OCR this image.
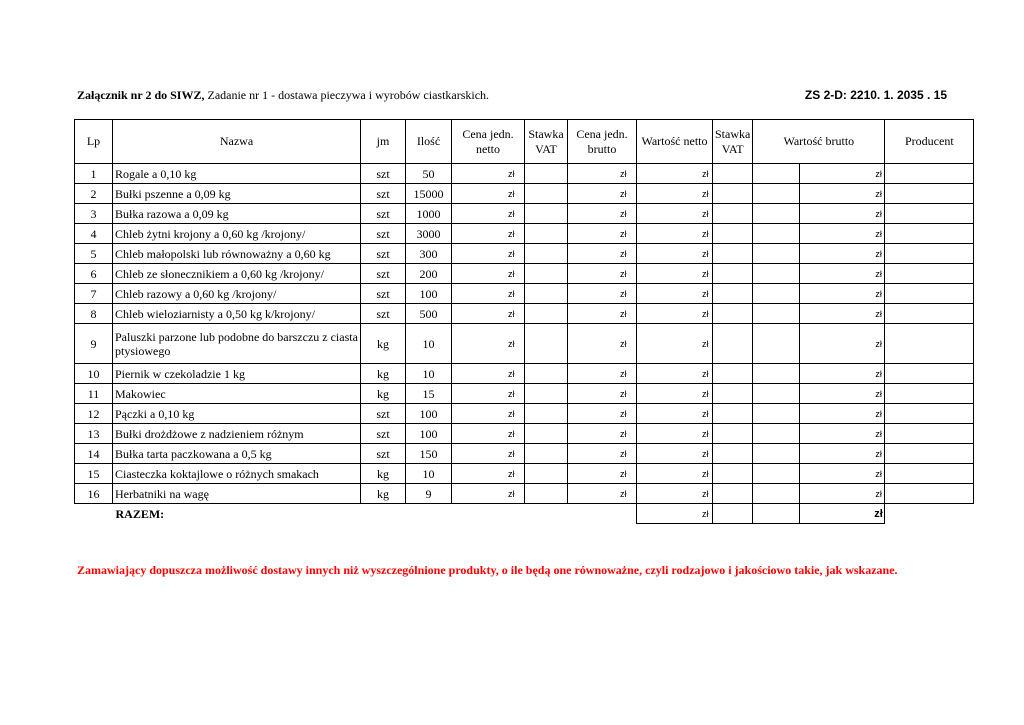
Załącznik nr 2 do SIWZ, Zadanie nr 1 - dostawa pieczywa i wyrobów ciastkarskich.	ZS 2-D: 2210. 1. 2035 . 15
Lp	Nazwa	jm	Ilość	Cena jedn. netto		Stawka VAT	Cena jedn. brutto		Wartość netto		Stawka VAT	Wartość brutto			Producent
1	Rogale a 0,10 kg	szt	50		zł			zł		zł				zł	
2	Bułki pszenne a 0,09 kg	szt	15000		zł			zł		zł				zł	
3	Bułka razowa a 0,09 kg	szt	1000		zł			zł		zł				zł	
4	Chleb żytni krojony a 0,60 kg /krojony/	szt	3000		zł			zł		zł				zł	
5	Chleb małopolski lub równoważny a 0,60 kg	szt	300		zł			zł		zł				zł	
6	Chleb ze słonecznikiem a 0,60 kg /krojony/	szt	200		zł			zł		zł				zł	
7	Chleb razowy a 0,60 kg /krojony/	szt	100		zł			zł		zł				zł	
8	Chleb wieloziarnisty a 0,50 kg k/krojony/	szt	500		zł			zł		zł				zł	
9	Paluszki parzone lub podobne do barszczu z ciasta ptysiowego	kg	10		zł			zł		zł				zł	
10	Piernik w czekoladzie 1 kg	kg	10		zł			zł		zł				zł	
11	Makowiec	kg	15		zł			zł		zł				zł	
12	Pączki a 0,10 kg	szt	100		zł			zł		zł				zł	
13	Bułki drożdżowe z nadzieniem różnym	szt	100		zł			zł		zł				zł	
14	Bułka tarta paczkowana a 0,5 kg	szt	150		zł			zł		zł				zł	
15	Ciasteczka koktajlowe o różnych smakach	kg	10		zł			zł		zł				zł	
16	Herbatniki na wagę	kg	9		zł			zł		zł				zł	
	RAZEM:									zł				zł	
Zamawiający dopuszcza możliwość dostawy innych niż wyszczególnione produkty, o ile będą one równoważne, czyli rodzajowo i jakościowo takie, jak wskazane.
